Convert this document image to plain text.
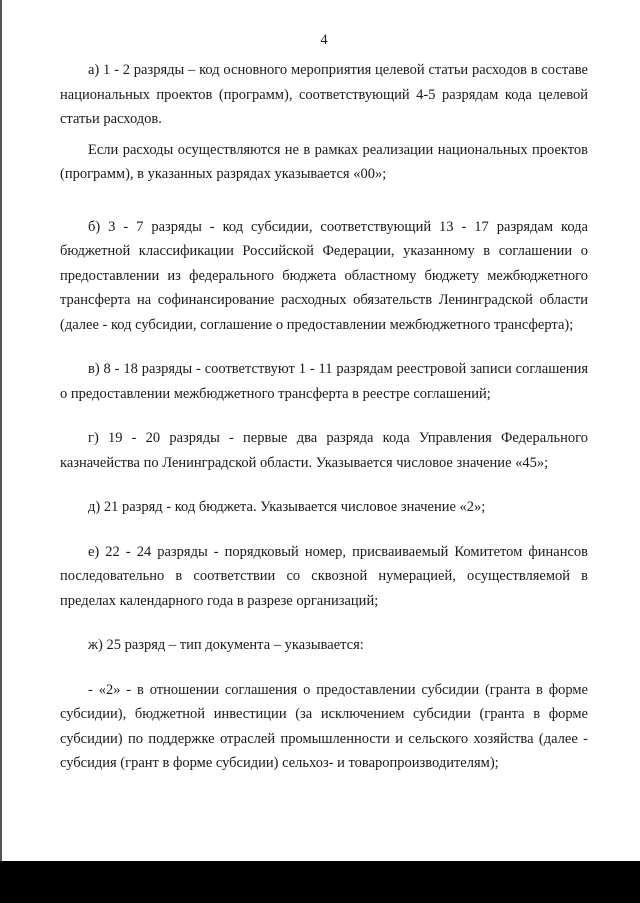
4

а) 1 - 2 разряды – код основного мероприятия целевой статьи расходов в составе национальных проектов (программ), соответствующий 4-5 разрядам кода целевой статьи расходов.

Если расходы осуществляются не в рамках реализации национальных проектов (программ), в указанных разрядах указывается «00»;

б) 3 - 7 разряды - код субсидии, соответствующий 13 - 17 разрядам кода бюджетной классификации Российской Федерации, указанному в соглашении о предоставлении из федерального бюджета областному бюджету межбюджетного трансферта на софинансирование расходных обязательств Ленинградской области (далее - код субсидии, соглашение о предоставлении межбюджетного трансферта);

в) 8 - 18 разряды - соответствуют 1 - 11 разрядам реестровой записи соглашения о предоставлении межбюджетного трансферта в реестре соглашений;

г) 19 - 20 разряды - первые два разряда кода Управления Федерального казначейства по Ленинградской области. Указывается числовое значение «45»;

д) 21 разряд - код бюджета. Указывается числовое значение «2»;

е) 22 - 24 разряды - порядковый номер, присваиваемый Комитетом финансов последовательно в соответствии со сквозной нумерацией, осуществляемой в пределах календарного года в разрезе организаций;

ж) 25 разряд – тип документа – указывается:

- «2» - в отношении соглашения о предоставлении субсидии (гранта в форме субсидии), бюджетной инвестиции (за исключением субсидии (гранта в форме субсидии) по поддержке отраслей промышленности и сельского хозяйства (далее - субсидия (грант в форме субсидии) сельхоз- и товаропроизводителям);
